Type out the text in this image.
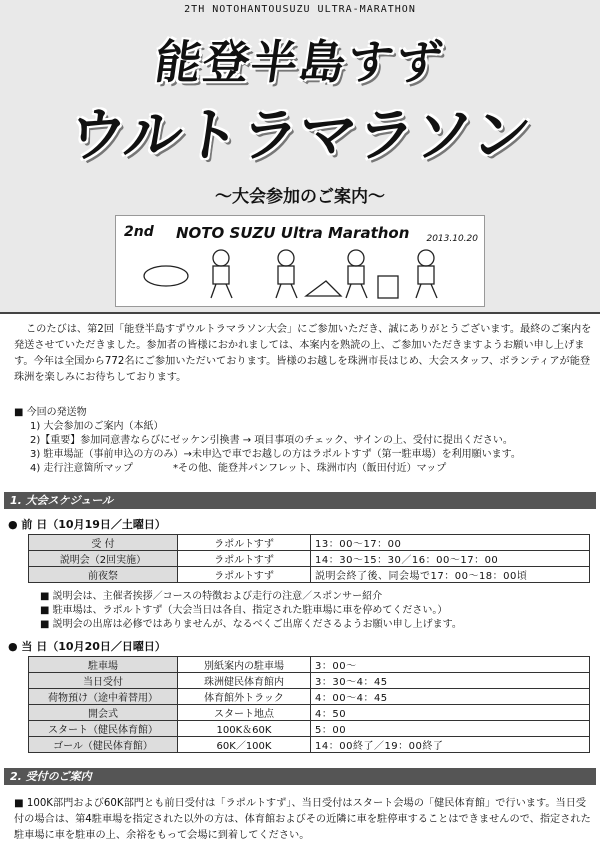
2TH NOTOHANTOUSUZU ULTRA-MARATHON
能登半島すず
ウルトラマラソン
〜大会参加のご案内〜
2nd NOTO SUZU Ultra Marathon 2013.10.20
このたびは、第2回「能登半島すずウルトラマラソン大会」にご参加いただき、誠にありがとうございます。最終のご案内を発送させていただきました。参加者の皆様におかれましては、本案内を熟読の上、ご参加いただきますようお願い申し上げます。今年は全国から772名にご参加いただいております。皆様のお越しを珠洲市長はじめ、大会スタッフ、ボランティアが能登珠洲を楽しみにお待ちしております。
■ 今回の発送物
1) 大会参加のご案内（本紙）
2)【重要】参加同意書ならびにゼッケン引換書 → 項目事項のチェック、サインの上、受付に提出ください。
3) 駐車場証（事前申込の方のみ）→未申込で車でお越しの方はラポルトすず（第一駐車場）を利用願います。
4) 走行注意箇所マップ　　　　*その他、能登丼パンフレット、珠洲市内（飯田付近）マップ
1. 大会スケジュール
● 前 日（10月19日／土曜日）
受 付	ラポルトすず	13：00〜17：00
説明会（2回実施）	ラポルトすず	14：30〜15：30／16：00〜17：00
前夜祭	ラポルトすず	説明会終了後、同会場で17：00〜18：00頃
■ 説明会は、主催者挨拶／コースの特徴および走行の注意／スポンサー紹介
■ 駐車場は、ラポルトすず（大会当日は各自、指定された駐車場に車を停めてください。）
■ 説明会の出席は必修ではありませんが、なるべくご出席くださるようお願い申し上げます。
● 当 日（10月20日／日曜日）
駐車場	別紙案内の駐車場	3：00〜
当日受付	珠洲健民体育館内	3：30〜4：45
荷物預け（途中着替用）	体育館外トラック	4：00〜4：45
開会式	スタート地点	4：50
スタート（健民体育館）	100K＆60K	5：00
ゴール（健民体育館）	60K／100K	14：00終了／19：00終了
2. 受付のご案内
■ 100K部門および60K部門とも前日受付は「ラポルトすず」、当日受付はスタート会場の「健民体育館」で行います。当日受付の場合は、第4駐車場を指定された以外の方は、体育館およびその近隣に車を駐停車することはできませんので、指定された駐車場に車を駐車の上、余裕をもって会場に到着してください。
